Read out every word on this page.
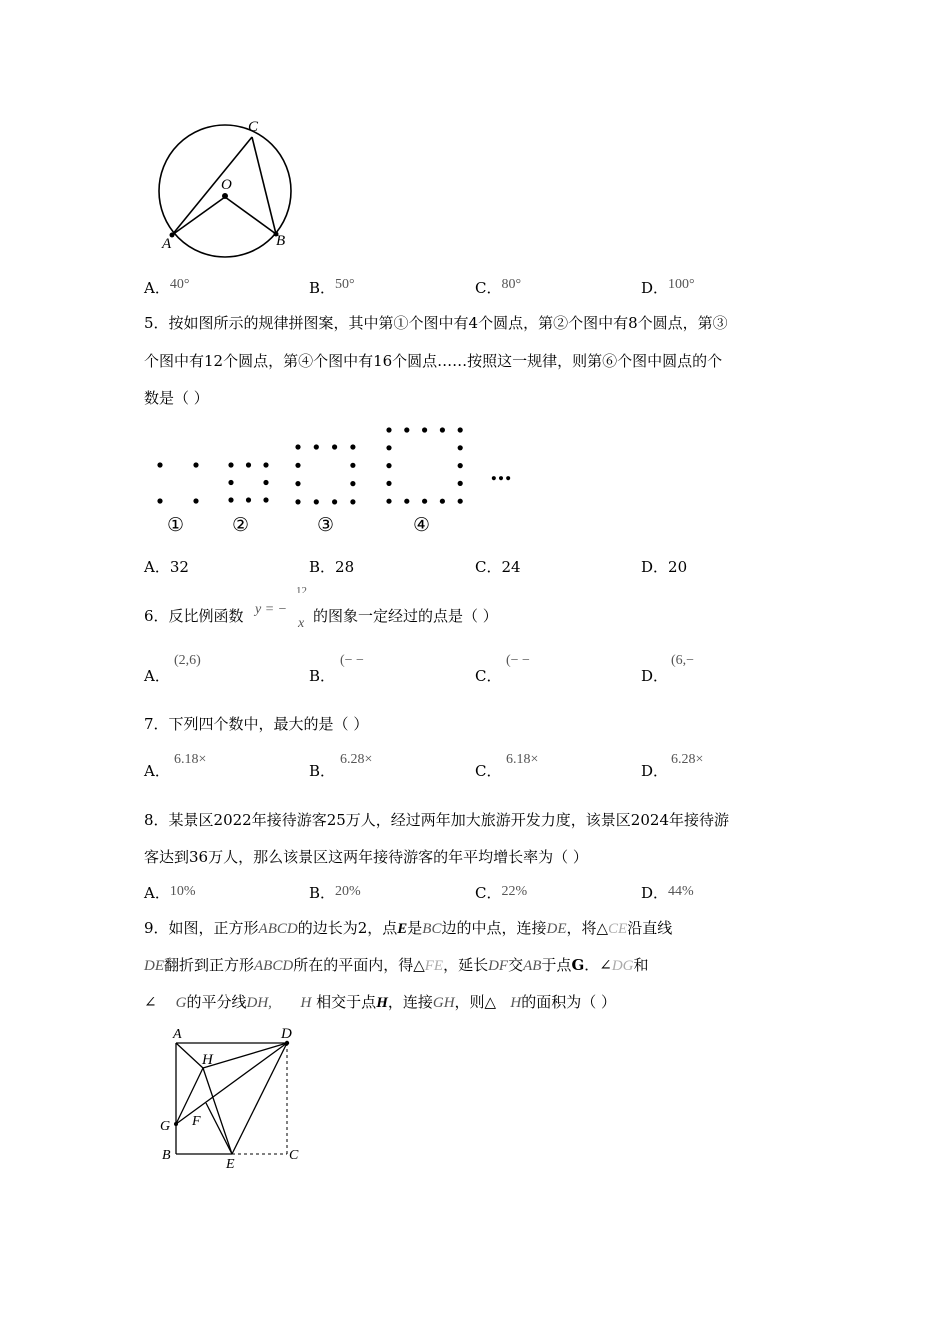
C
O
A	B
A．40°	B．50°	C．80°	D．100°
5．按如图所示的规律拼图案，其中第①个图中有4个圆点，第②个图中有8个圆点，第③
个图中有12个圆点，第④个图中有16个圆点……按照这一规律，则第⑥个图中圆点的个
数是（ ）
…
①	②	③	④
A．32	B．28	C．24	D．20
6．反比例函数 y = −
12
x 的图象一定经过的点是（ ）
A．
(2,6)
B．
(− −
C．
(− −
D．
(6,−
7．下列四个数中，最大的是（ ）
A．
6.18×
B．
6.28×
C．
6.18×
D．
6.28×
8．某景区2022年接待游客25万人，经过两年加大旅游开发力度，该景区2024年接待游
客达到36万人，那么该景区这两年接待游客的年平均增长率为（ ）
A．10%	B．20%	C．22%	D．44%
9．如图，正方形ABCD的边长为2，点E是BC边的中点，连接DE，将△CE沿直线
DE翻折到正方形ABCD所在的平面内，得△FE，延长DF交AB于点G．∠DG和
∠ G的平分线DH, H 相交于点H，连接GH，则△ H的面积为（ ）
A	D
H
G F
B
E
C
